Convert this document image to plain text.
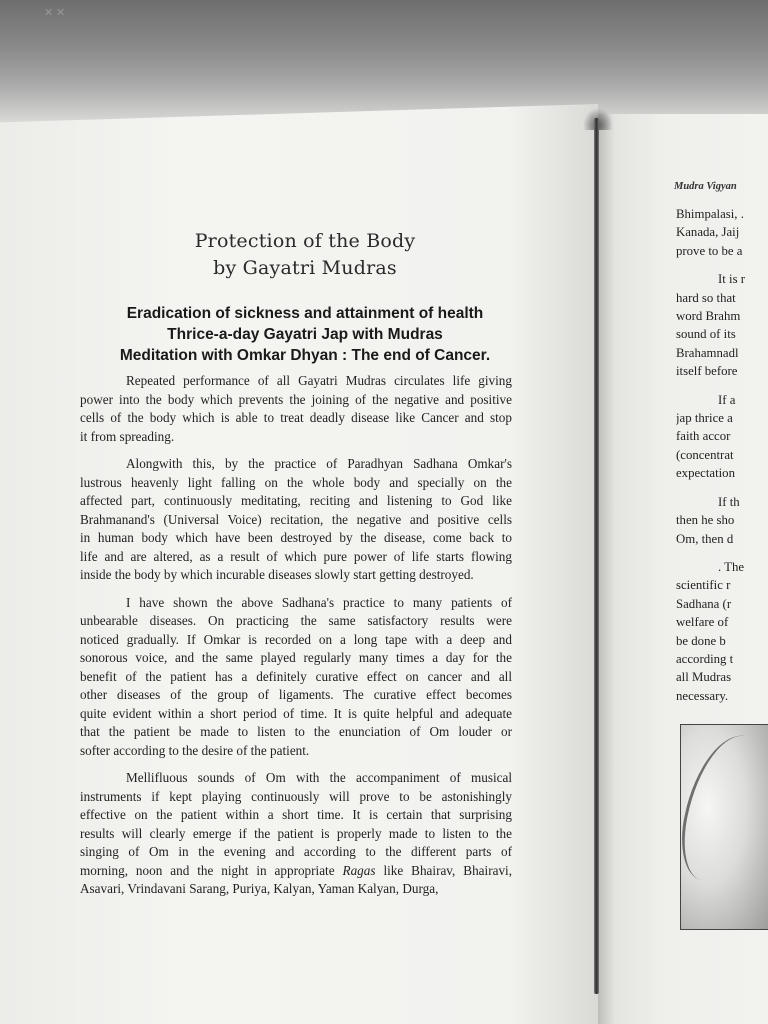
✕ ✕
Protection of the Body
by Gayatri Mudras
Eradication of sickness and attainment of health
Thrice-a-day Gayatri Jap with Mudras
Meditation with Omkar Dhyan : The end of Cancer.

Repeated performance of all Gayatri Mudras circulates life giving
power into the body which prevents the joining of the negative and positive
cells of the body which is able to treat deadly disease like Cancer and stop
it from spreading.

Alongwith this, by the practice of Paradhyan Sadhana Omkar's
lustrous heavenly light falling on the whole body and specially on the
affected part, continuously meditating, reciting and listening to God like
Brahmanand's (Universal Voice) recitation, the negative and positive cells
in human body which have been destroyed by the disease, come back to
life and are altered, as a result of which pure power of life starts flowing
inside the body by which incurable diseases slowly start getting destroyed.

I have shown the above Sadhana's practice to many patients of
unbearable diseases. On practicing the same satisfactory results were
noticed gradually. If Omkar is recorded on a long tape with a deep and
sonorous voice, and the same played regularly many times a day for the
benefit of the patient has a definitely curative effect on cancer and all
other diseases of the group of ligaments. The curative effect becomes
quite evident within a short period of time. It is quite helpful and adequate
that the patient be made to listen to the enunciation of Om louder or
softer according to the desire of the patient.

Mellifluous sounds of Om with the accompaniment of musical
instruments if kept playing continuously will prove to be astonishingly
effective on the patient within a short time. It is certain that surprising
results will clearly emerge if the patient is properly made to listen to the
singing of Om in the evening and according to the different parts of
morning, noon and the night in appropriate Ragas like Bhairav, Bhairavi,
Asavari, Vrindavani Sarang, Puriya, Kalyan, Yaman Kalyan, Durga,

Mudra Vigyan
Bhimpalasi, .
Kanada, Jaij
prove to be a
It is r
hard so that
word Brahm
sound of its
Brahamnadl
itself before
If a
jap thrice a
faith accor
(concentrat
expectation
If th
then he sho
Om, then d
. The
scientific r
Sadhana (r
welfare of
be done b
according t
all Mudras
necessary.
